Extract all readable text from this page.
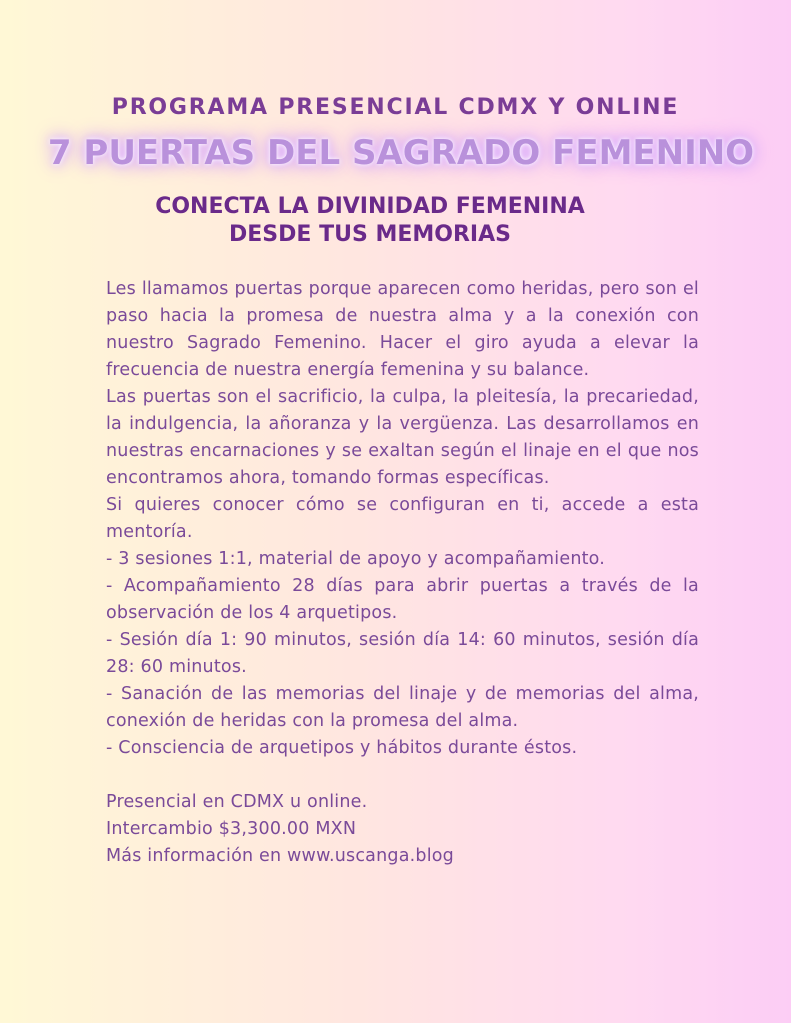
PROGRAMA PRESENCIAL CDMX Y ONLINE
7 PUERTAS DEL SAGRADO FEMENINO
CONECTA LA DIVINIDAD FEMENINA
DESDE TUS MEMORIAS

Les llamamos puertas porque aparecen como heridas, pero son el paso hacia la promesa de nuestra alma y a la conexión con nuestro Sagrado Femenino. Hacer el giro ayuda a elevar la frecuencia de nuestra energía femenina y su balance.

Las puertas son el sacrificio, la culpa, la pleitesía, la precariedad, la indulgencia, la añoranza y la vergüenza. Las desarrollamos en nuestras encarnaciones y se exaltan según el linaje en el que nos encontramos ahora, tomando formas específicas.

Si quieres conocer cómo se configuran en ti, accede a esta mentoría.

- 3 sesiones 1:1, material de apoyo y acompañamiento.

- Acompañamiento 28 días para abrir puertas a través de la observación de los 4 arquetipos.

- Sesión día 1: 90 minutos, sesión día 14: 60 minutos, sesión día 28: 60 minutos.

- Sanación de las memorias del linaje y de memorias del alma, conexión de heridas con la promesa del alma.

- Consciencia de arquetipos y hábitos durante éstos.

Presencial en CDMX u online.

Intercambio $3,300.00 MXN

Más información en www.uscanga.blog
